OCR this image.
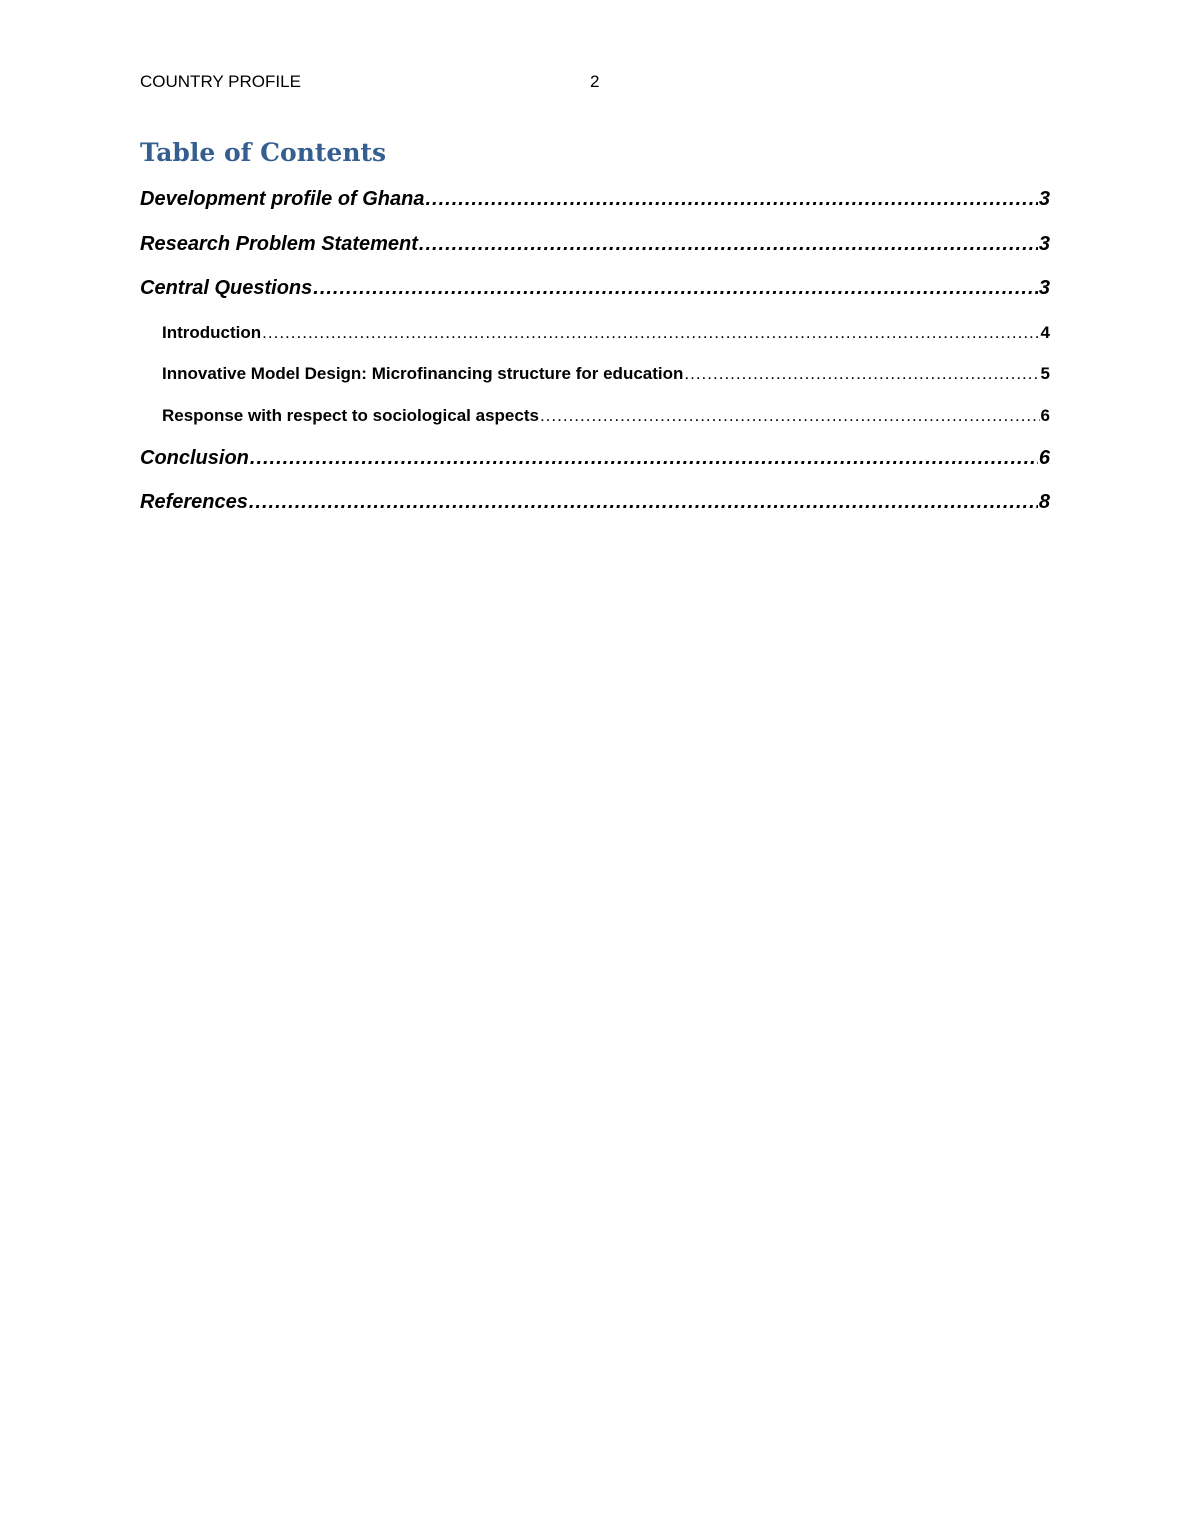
COUNTRY PROFILE	2
Table of Contents
Development profile of Ghana .....	3
Research Problem Statement .....	3
Central Questions .....	3
Introduction .....	4
Innovative Model Design: Microfinancing structure for education .....	5
Response with respect to sociological aspects .....	6
Conclusion .....	6
References .....	8
